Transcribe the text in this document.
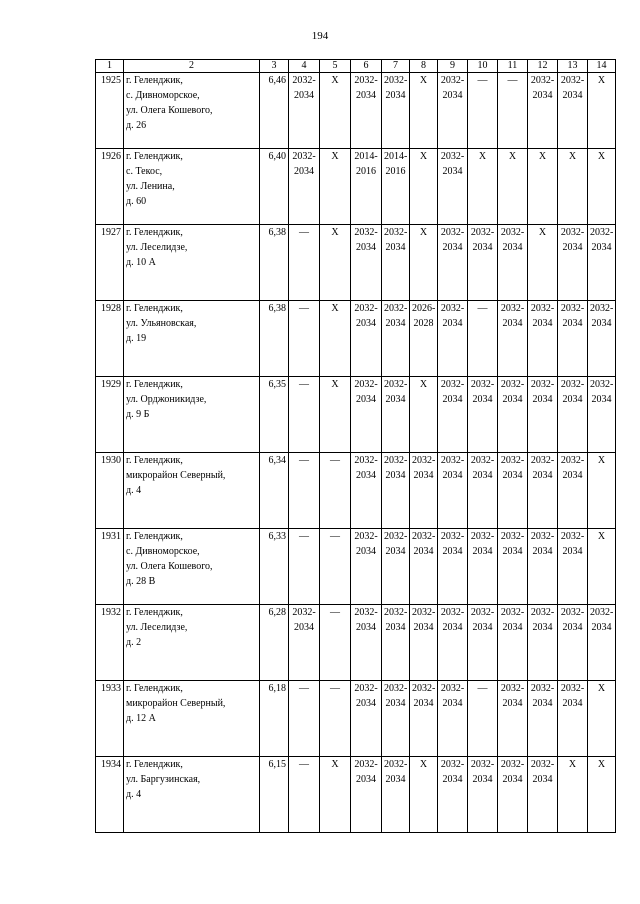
194
1	2	3	4	5	6	7	8	9	10	11	12	13	14
1925	г. Геленджик,
с. Дивноморское,
ул. Олега Кошевого,
д. 26	6,46	2032-
2034	X	2032-
2034	2032-
2034	X	2032-
2034	—	—	2032-
2034	2032-
2034	X
1926	г. Геленджик,
с. Текос,
ул. Ленина,
д. 60	6,40	2032-
2034	X	2014-
2016	2014-
2016	X	2032-
2034	X	X	X	X	X
1927	г. Геленджик,
ул. Леселидзе,
д. 10 А	6,38	—	X	2032-
2034	2032-
2034	X	2032-
2034	2032-
2034	2032-
2034	X	2032-
2034	2032-
2034
1928	г. Геленджик,
ул. Ульяновская,
д. 19	6,38	—	X	2032-
2034	2032-
2034	2026-
2028	2032-
2034	—	2032-
2034	2032-
2034	2032-
2034	2032-
2034
1929	г. Геленджик,
ул. Орджоникидзе,
д. 9 Б	6,35	—	X	2032-
2034	2032-
2034	X	2032-
2034	2032-
2034	2032-
2034	2032-
2034	2032-
2034	2032-
2034
1930	г. Геленджик,
микрорайон Северный,
д. 4	6,34	—	—	2032-
2034	2032-
2034	2032-
2034	2032-
2034	2032-
2034	2032-
2034	2032-
2034	2032-
2034	X
1931	г. Геленджик,
с. Дивноморское,
ул. Олега Кошевого,
д. 28 В	6,33	—	—	2032-
2034	2032-
2034	2032-
2034	2032-
2034	2032-
2034	2032-
2034	2032-
2034	2032-
2034	X
1932	г. Геленджик,
ул. Леселидзе,
д. 2	6,28	2032-
2034	—	2032-
2034	2032-
2034	2032-
2034	2032-
2034	2032-
2034	2032-
2034	2032-
2034	2032-
2034	2032-
2034
1933	г. Геленджик,
микрорайон Северный,
д. 12 А	6,18	—	—	2032-
2034	2032-
2034	2032-
2034	2032-
2034	—	2032-
2034	2032-
2034	2032-
2034	X
1934	г. Геленджик,
ул. Баргузинская,
д. 4	6,15	—	X	2032-
2034	2032-
2034	X	2032-
2034	2032-
2034	2032-
2034	2032-
2034	X	X
